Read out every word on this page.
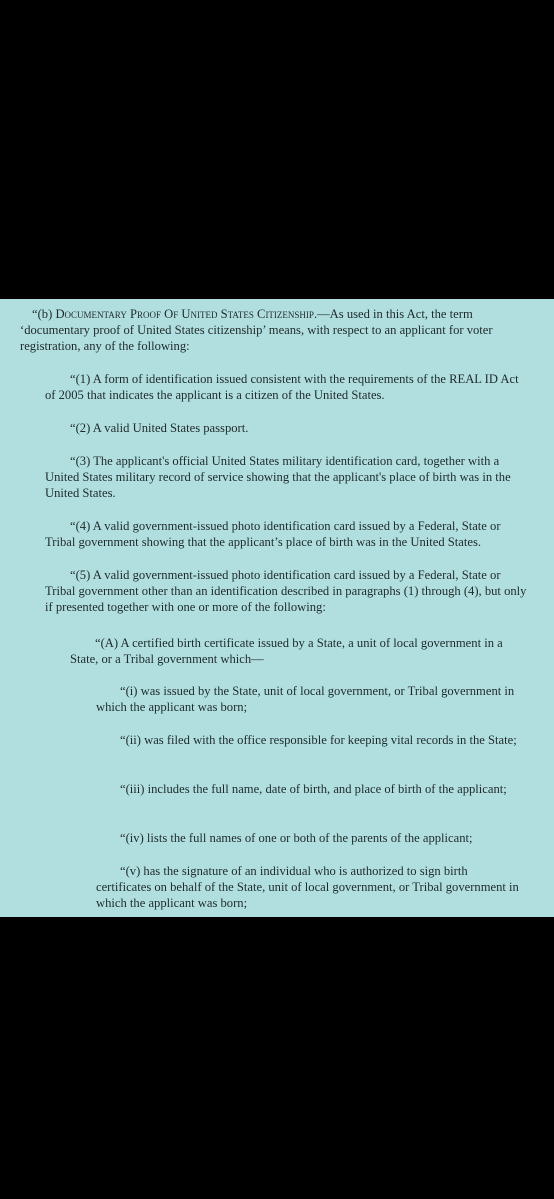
“(b) Documentary Proof Of United States Citizenship.—As used in this Act, the term ‘documentary proof of United States citizenship’ means, with respect to an applicant for voter registration, any of the following:

“(1) A form of identification issued consistent with the requirements of the REAL ID Act of 2005 that indicates the applicant is a citizen of the United States.

“(2) A valid United States passport.

“(3) The applicant's official United States military identification card, together with a United States military record of service showing that the applicant's place of birth was in the United States.

“(4) A valid government-issued photo identification card issued by a Federal, State or Tribal government showing that the applicant’s place of birth was in the United States.

“(5) A valid government-issued photo identification card issued by a Federal, State or Tribal government other than an identification described in paragraphs (1) through (4), but only if presented together with one or more of the following:

“(A) A certified birth certificate issued by a State, a unit of local government in a State, or a Tribal government which—

“(i) was issued by the State, unit of local government, or Tribal government in which the applicant was born;

“(ii) was filed with the office responsible for keeping vital records in the State;

“(iii) includes the full name, date of birth, and place of birth of the applicant;

“(iv) lists the full names of one or both of the parents of the applicant;

“(v) has the signature of an individual who is authorized to sign birth certificates on behalf of the State, unit of local government, or Tribal government in which the applicant was born;
